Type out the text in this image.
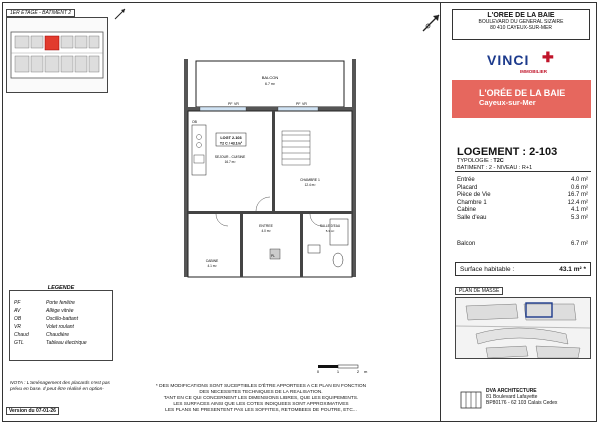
1ER ETAGE - BATIMENT 2	L'OREE DE LA BAIE
BOULEVARD DU GENERAL SIZAIRE
80 410 CAYEUX-SUR-MER
VINCI ✚
IMMOBILIER
L'ORÉE DE LA BAIE
Cayeux-sur-Mer
LOGEMENT : 2-103
TYPOLOGIE : T2C
BATIMENT : 2 - NIVEAU : R+1
Entrée	4.0 m²
Placard	0.6 m²
Pièce de Vie	16.7 m²
Chambre 1	12.4 m²
Cabine	4.1 m²
Salle d'eau	5.3 m²
Balcon	6.7 m²
Surface habitable :	43.1 m² *
PLAN DE MASSE
BALCON
6.7 m²
PF VR	PF VR
LOGT 2-103
T2 C / 43.1m²
SEJOUR - CUISINE
16.7 m²
CHAMBRE 1
12.4 m²
ENTREE
4.0 m²
CABINE
4.1 m²
SALLE D'EAU
5.3 m²
OB
PL
LEGENDE
PF	Porte fenêtre
AV	Allège vitrée
OB	Oscillo-battant
VR	Volet roulant
Chaud	Chaudière
GTL	Tableau électrique
NOTA : L'aménagement des placards n'est pas prévu en base. Il peut être réalisé en option-
Version du 07-01-26
* DES MODIFICATIONS SONT SUCEPTIBLES D'ÊTRE APPORTEES A CE PLAN EN FONCTION
DES NECESSITES TECHNIQUES DE LA REALISATION.
TANT EN CE QUI CONCERNENT LES DIMENSIONS LIBRES, QUE LES EQUIPEMENTS.
LES SURFACES AINSI QUE LES COTES INDIQUEES SONT APPROXIMATIVES
LES PLANS NE PRESENTENT PAS LES SOFFITES, RETOMBEES DE POUTRE, ETC...
0	1	2 m
DVA ARCHITECTURE
81 Boulevard Lafayette
BP80176 - 62 103 Calais Cedex
